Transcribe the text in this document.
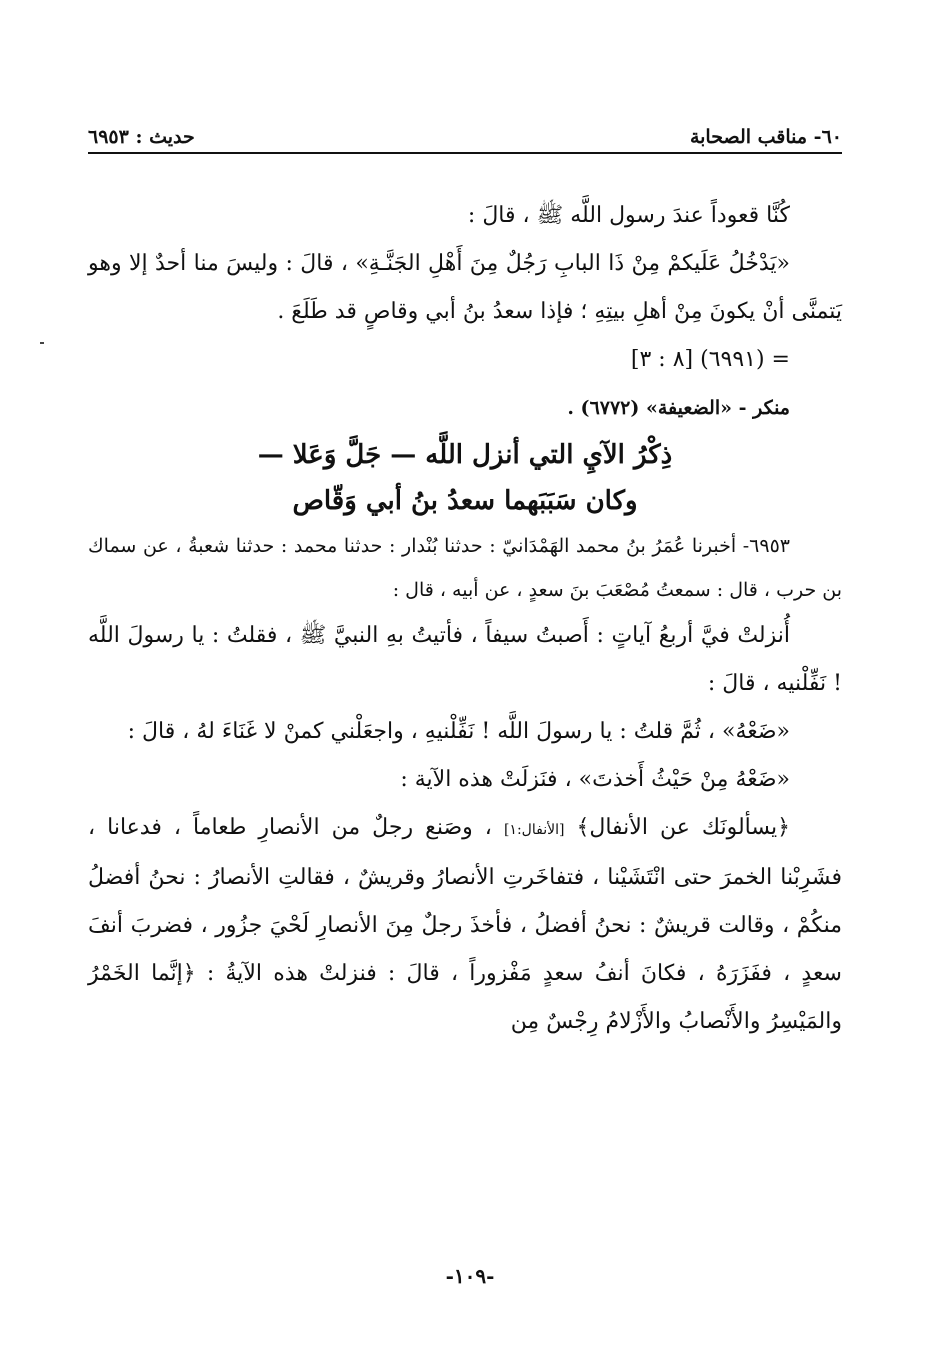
٦٠- مناقب الصحابة
حديث : ٦٩٥٣

كُنَّا قعوداً عندَ رسول اللَّه ﷺ ، قالَ :

«يَدْخُلُ عَلَيكمْ مِنْ ذَا البابِ رَجُلٌ مِنَ أَهْلِ الجَنَّـةِ» ، قالَ : وليسَ منا أحدٌ إلا وهو يَتمنَّى أنْ يكونَ مِنْ أهلِ بيتِهِ ؛ فإذا سعدُ بنُ أبي وقاصٍ قد طَلَعَ .

= (٦٩٩١) [٨ : ٣]

منكر - «الضعيفة» (٦٧٧٢) .

ذِكْرُ الآيِ التي أنزل اللَّه — جَلَّ وَعَلا —

وكان سَبَبَهما سعدُ بنُ أبي وَقّاص

٦٩٥٣- أخبرنا عُمَرُ بنُ محمد الهَمْدَانيّ : حدثنا بُنْدار : حدثنا محمد : حدثنا شعبةُ ، عن سماك بن حرب ، قال : سمعتُ مُصْعَبَ بنَ سعدٍ ، عن أبيه ، قال :

أُنزلتْ فيَّ أربعُ آياتٍ : أَصبتُ سيفاً ، فأتيتُ بهِ النبيَّ ﷺ ، فقلتُ : يا رسولَ اللَّه ! نَفِّلْنيه ، قالَ :

«ضَعْهُ» ، ثُمَّ قلتُ : يا رسولَ اللَّه ! نَفِّلْنيهِ ، واجعَلْني كمنْ لا غَنَاءَ لهُ ، قالَ :

«ضَعْهُ مِنْ حَيْثُ أَخذتَ» ، فنَزلَتْ هذه الآية :

﴿يسألونَك عن الأنفال﴾ [الأنفال:١] ، وصَنع رجلٌ من الأنصارِ طعاماً ، فدعانا ، فشَرِبْنا الخمرَ حتى انْتَشَيْنا ، فتفاخَرتِ الأنصارُ وقريشٌ ، فقالتِ الأنصارُ : نحنُ أفضلُ منكُمْ ، وقالت قريشٌ : نحنُ أفضلُ ، فأخذَ رجلٌ مِنَ الأنصارِ لَحْيَ جزُور ، فضربَ أنفَ سعدٍ ، ففَزَرَهُ ، فكانَ أنفُ سعدٍ مَفْزوراً ، قالَ : فنزلتْ هذه الآيةُ : ﴿إنَّما الخَمْرُ والمَيْسِرُ والأَنْصابُ والأَزْلامُ رِجْسٌ مِن

-١٠٩-
